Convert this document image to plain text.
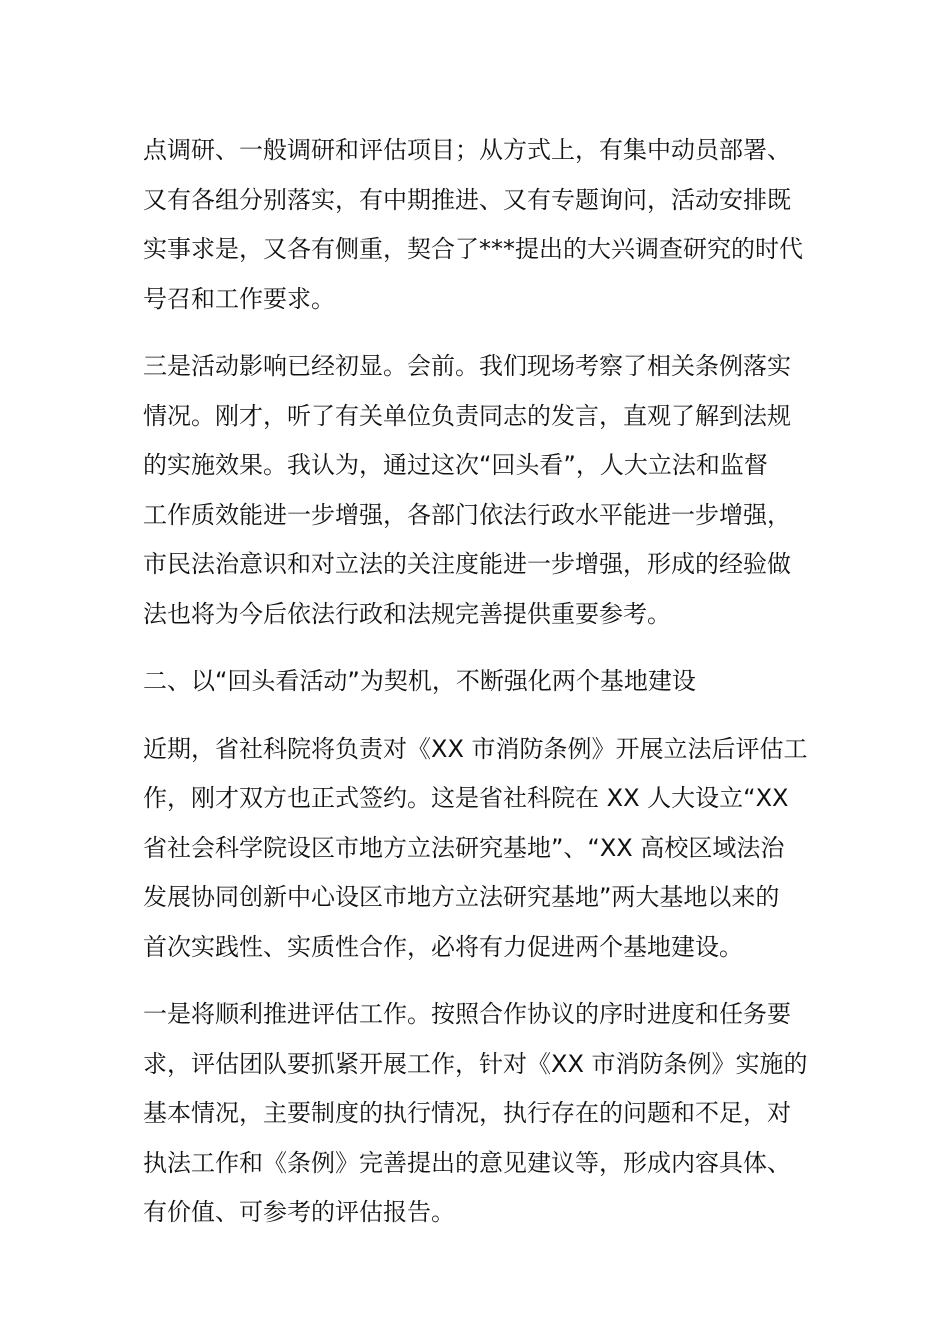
点调研、一般调研和评估项目；从方式上，有集中动员部署、
又有各组分别落实，有中期推进、又有专题询问，活动安排既
实事求是，又各有侧重，契合了***提出的大兴调查研究的时代
号召和工作要求。
三是活动影响已经初显。会前。我们现场考察了相关条例落实
情况。刚才，听了有关单位负责同志的发言，直观了解到法规
的实施效果。我认为，通过这次“回头看”，人大立法和监督
工作质效能进一步增强，各部门依法行政水平能进一步增强，
市民法治意识和对立法的关注度能进一步增强，形成的经验做
法也将为今后依法行政和法规完善提供重要参考。
二、以“回头看活动”为契机，不断强化两个基地建设
近期，省社科院将负责对《XX 市消防条例》开展立法后评估工
作，刚才双方也正式签约。这是省社科院在 XX 人大设立“XX
省社会科学院设区市地方立法研究基地”、“XX 高校区域法治
发展协同创新中心设区市地方立法研究基地”两大基地以来的
首次实践性、实质性合作，必将有力促进两个基地建设。
一是将顺利推进评估工作。按照合作协议的序时进度和任务要
求，评估团队要抓紧开展工作，针对《XX 市消防条例》实施的
基本情况，主要制度的执行情况，执行存在的问题和不足，对
执法工作和《条例》完善提出的意见建议等，形成内容具体、
有价值、可参考的评估报告。
